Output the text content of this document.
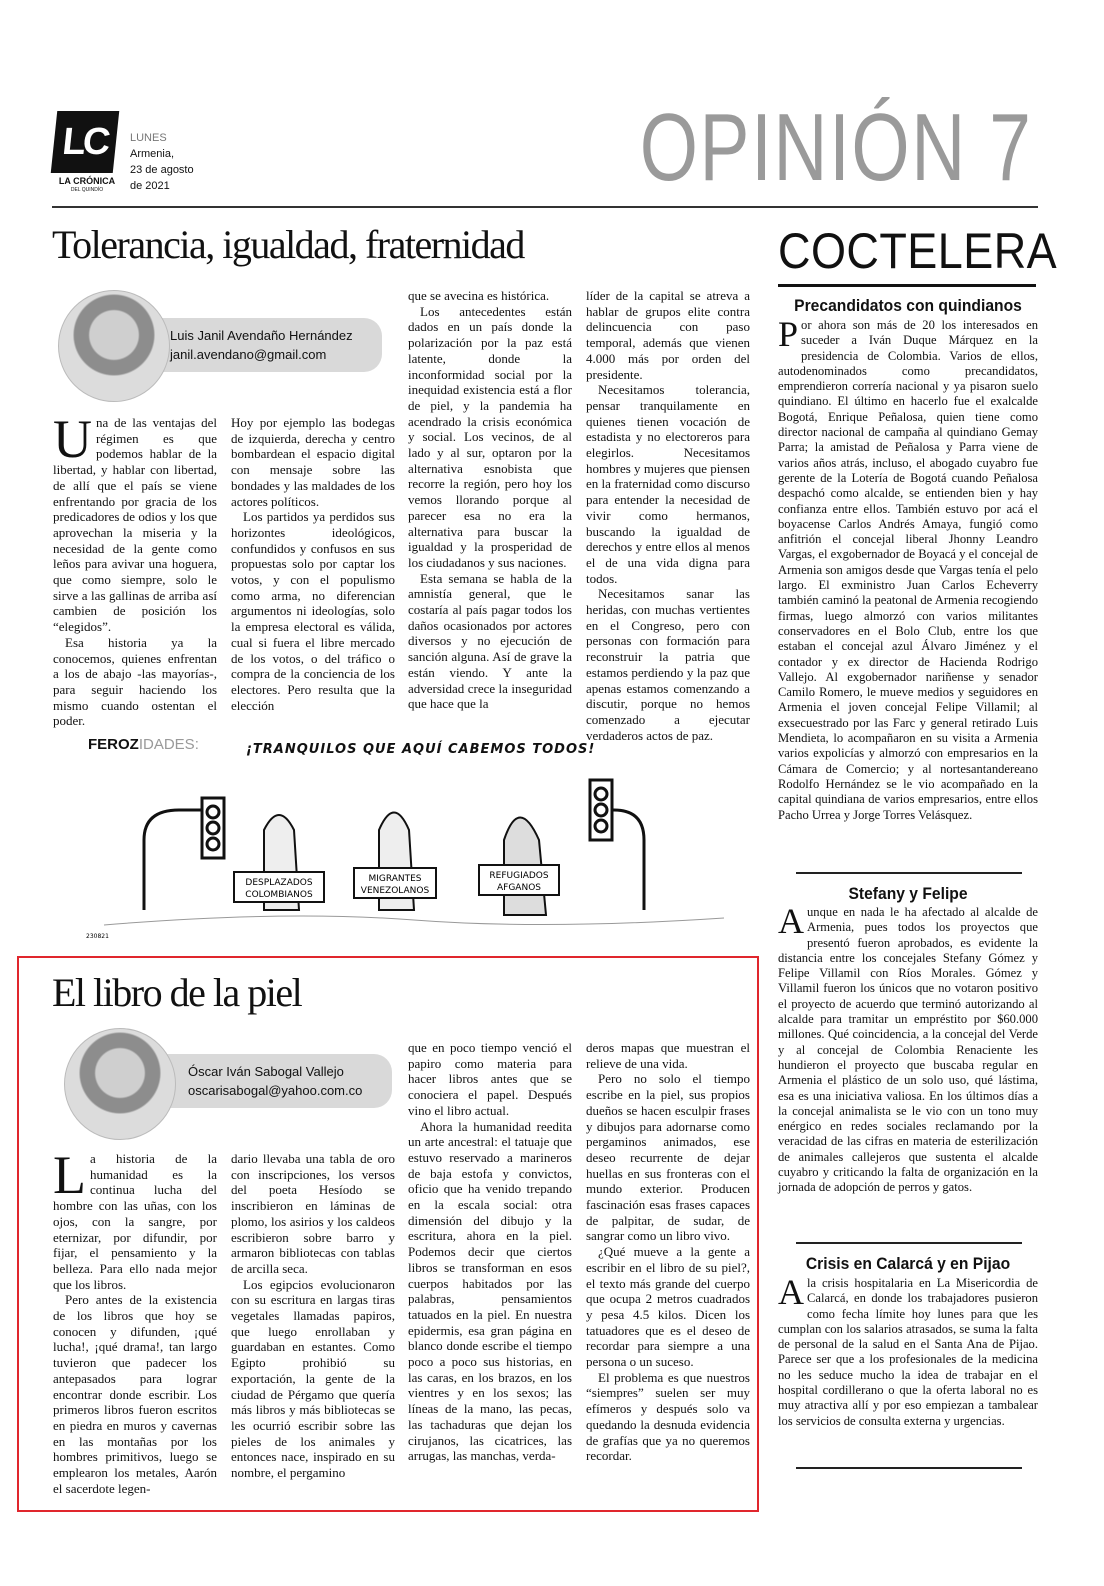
LC
LA CRÓNICA
DEL QUINDÍO
LUNES
Armenia,
23 de agosto
de 2021	OPINIÓN 7
Tolerancia, igualdad, fraternidad
Luis Janil Avendaño Hernández
janil.avendano@gmail.com

Una de las ventajas del régimen es que podemos hablar de la libertad, y hablar con libertad, de allí que el país se viene enfrentando por gracia de los predicadores de odios y los que aprovechan la miseria y la necesidad de la gente como leños para avivar una hoguera, que como siempre, solo le sirve a las gallinas de arriba así cambien de posición los “elegidos”.

Esa historia ya la conocemos, quienes enfrentan a los de abajo -las mayorías-, para seguir haciendo los mismo cuando ostentan el poder.

Hoy por ejemplo las bodegas de izquierda, derecha y centro bombardean el espacio digital con mensaje sobre las bondades y las maldades de los actores políticos.

Los partidos ya perdidos sus horizontes ideológicos, confundidos y confusos en sus propuestas solo por captar los votos, y con el populismo como arma, no diferencian argumentos ni ideologías, solo la empresa electoral es válida, cual si fuera el libre mercado de los votos, o del tráfico o compra de la conciencia de los electores. Pero resulta que la elección

que se avecina es histórica.

Los antecedentes están dados en un país donde la polarización por la paz está latente, donde la inconformidad social por la inequidad existencia está a flor de piel, y la pandemia ha acendrado la crisis económica y social. Los vecinos, de al lado y al sur, optaron por la alternativa esnobista que recorre la región, pero hoy los vemos llorando porque al parecer esa no era la alternativa para buscar la igualdad y la prosperidad de los ciudadanos y sus naciones.

Esta semana se habla de la amnistía general, que le costaría al país pagar todos los daños ocasionados por actores diversos y no ejecución de sanción alguna. Así de grave la están viendo. Y ante la adversidad crece la inseguridad que hace que la

líder de la capital se atreva a hablar de grupos elite contra delincuencia con paso temporal, además que vienen 4.000 más por orden del presidente.

Necesitamos tolerancia, pensar tranquilamente en quienes tienen vocación de estadista y no electoreros para elegirlos. Necesitamos hombres y mujeres que piensen en la fraternidad como discurso para entender la necesidad de vivir como hermanos, buscando la igualdad de derechos y entre ellos al menos el de una vida digna para todos.

Necesitamos sanar las heridas, con muchas vertientes en el Congreso, pero con personas con formación para reconstruir la patria que estamos perdiendo y la paz que apenas estamos comenzando a discutir, porque no hemos comenzado a ejecutar verdaderos actos de paz.

FEROZIDADES:	¡TRANQUILOS QUE AQUÍ CABEMOS TODOS!
DESPLAZADOS
COLOMBIANOS
MIGRANTES
VENEZOLANOS
REFUGIADOS
AFGANOS
230821
El libro de la piel
Óscar Iván Sabogal Vallejo
oscarisabogal@yahoo.com.co

La historia de la humanidad es la continua lucha del hombre con las uñas, con los ojos, con la sangre, por eternizar, por difundir, por fijar, el pensamiento y la belleza. Para ello nada mejor que los libros.

Pero antes de la existencia de los libros que hoy se conocen y difunden, ¡qué lucha!, ¡qué drama!, tan largo tuvieron que padecer los antepasados para lograr encontrar donde escribir. Los primeros libros fueron escritos en piedra en muros y cavernas en las montañas por los hombres primitivos, luego se emplearon los metales, Aarón el sacerdote legen-

dario llevaba una tabla de oro con inscripciones, los versos del poeta Hesíodo se inscribieron en láminas de plomo, los asirios y los caldeos escribieron sobre barro y armaron bibliotecas con tablas de arcilla seca.

Los egipcios evolucionaron con su escritura en largas tiras vegetales llamadas papiros, que luego enrollaban y guardaban en estantes. Como Egipto prohibió su exportación, la gente de la ciudad de Pérgamo que quería más libros y más bibliotecas se les ocurrió escribir sobre las pieles de los animales y entonces nace, inspirado en su nombre, el pergamino

que en poco tiempo venció el papiro como materia para hacer libros antes que se conociera el papel. Después vino el libro actual.

Ahora la humanidad reedita un arte ancestral: el tatuaje que estuvo reservado a marineros de baja estofa y convictos, oficio que ha venido trepando en la escala social: otra dimensión del dibujo y la escritura, ahora en la piel. Podemos decir que ciertos libros se transforman en esos cuerpos habitados por las palabras, pensamientos tatuados en la piel. En nuestra epidermis, esa gran página en blanco donde escribe el tiempo poco a poco sus historias, en las caras, en los brazos, en los vientres y en los sexos; las líneas de la mano, las pecas, las tachaduras que dejan los cirujanos, las cicatrices, las arrugas, las manchas, verda-

deros mapas que muestran el relieve de una vida.

Pero no solo el tiempo escribe en la piel, sus propios dueños se hacen esculpir frases y dibujos para adornarse como pergaminos animados, ese deseo recurrente de dejar huellas en sus fronteras con el mundo exterior. Producen fascinación esas frases capaces de palpitar, de sudar, de sangrar como un libro vivo.

¿Qué mueve a la gente a escribir en el libro de su piel?, el texto más grande del cuerpo que ocupa 2 metros cuadrados y pesa 4.5 kilos. Dicen los tatuadores que es el deseo de recordar para siempre a una persona o un suceso.

El problema es que nuestros “siempres” suelen ser muy efímeros y después solo va quedando la desnuda evidencia de grafías que ya no queremos recordar.

COCTELERA
Precandidatos con quindianos

Por ahora son más de 20 los interesados en suceder a Iván Duque Márquez en la presidencia de Colombia. Varios de ellos, autodenominados como precandidatos, emprendieron correría nacional y ya pisaron suelo quindiano. El último en hacerlo fue el exalcalde Bogotá, Enrique Peñalosa, quien tiene como director nacional de campaña al quindiano Gemay Parra; la amistad de Peñalosa y Parra viene de varios años atrás, incluso, el abogado cuyabro fue gerente de la Lotería de Bogotá cuando Peñalosa despachó como alcalde, se entienden bien y hay confianza entre ellos. También estuvo por acá el boyacense Carlos Andrés Amaya, fungió como anfitrión el concejal liberal Jhonny Leandro Vargas, el exgobernador de Boyacá y el concejal de Armenia son amigos desde que Vargas tenía el pelo largo. El exministro Juan Carlos Echeverry también caminó la peatonal de Armenia recogiendo firmas, luego almorzó con varios militantes conservadores en el Bolo Club, entre los que estaban el concejal azul Álvaro Jiménez y el contador y ex director de Hacienda Rodrigo Vallejo. Al exgobernador nariñense y senador Camilo Romero, le mueve medios y seguidores en Armenia el joven concejal Felipe Villamil; al exsecuestrado por las Farc y general retirado Luis Mendieta, lo acompañaron en su visita a Armenia varios expolicías y almorzó con empresarios en la Cámara de Comercio; y al nortesantandereano Rodolfo Hernández se le vio acompañado en la capital quindiana de varios empresarios, entre ellos Pacho Urrea y Jorge Torres Velásquez.

Stefany y Felipe

Aunque en nada le ha afectado al alcalde de Armenia, pues todos los proyectos que presentó fueron aprobados, es evidente la distancia entre los concejales Stefany Gómez y Felipe Villamil con Ríos Morales. Gómez y Villamil fueron los únicos que no votaron positivo el proyecto de acuerdo que terminó autorizando al alcalde para tramitar un empréstito por $60.000 millones. Qué coincidencia, a la concejal del Verde y al concejal de Colombia Renaciente les hundieron el proyecto que buscaba regular en Armenia el plástico de un solo uso, qué lástima, esa es una iniciativa valiosa. En los últimos días a la concejal animalista se le vio con un tono muy enérgico en redes sociales reclamando por la veracidad de las cifras en materia de esterilización de animales callejeros que sustenta el alcalde cuyabro y criticando la falta de organización en la jornada de adopción de perros y gatos.

Crisis en Calarcá y en Pijao

Ala crisis hospitalaria en La Misericordia de Calarcá, en donde los trabajadores pusieron como fecha límite hoy lunes para que les cumplan con los salarios atrasados, se suma la falta de personal de la salud en el Santa Ana de Pijao. Parece ser que a los profesionales de la medicina no les seduce mucho la idea de trabajar en el hospital cordillerano o que la oferta laboral no es muy atractiva allí y por eso empiezan a tambalear los servicios de consulta externa y urgencias.
